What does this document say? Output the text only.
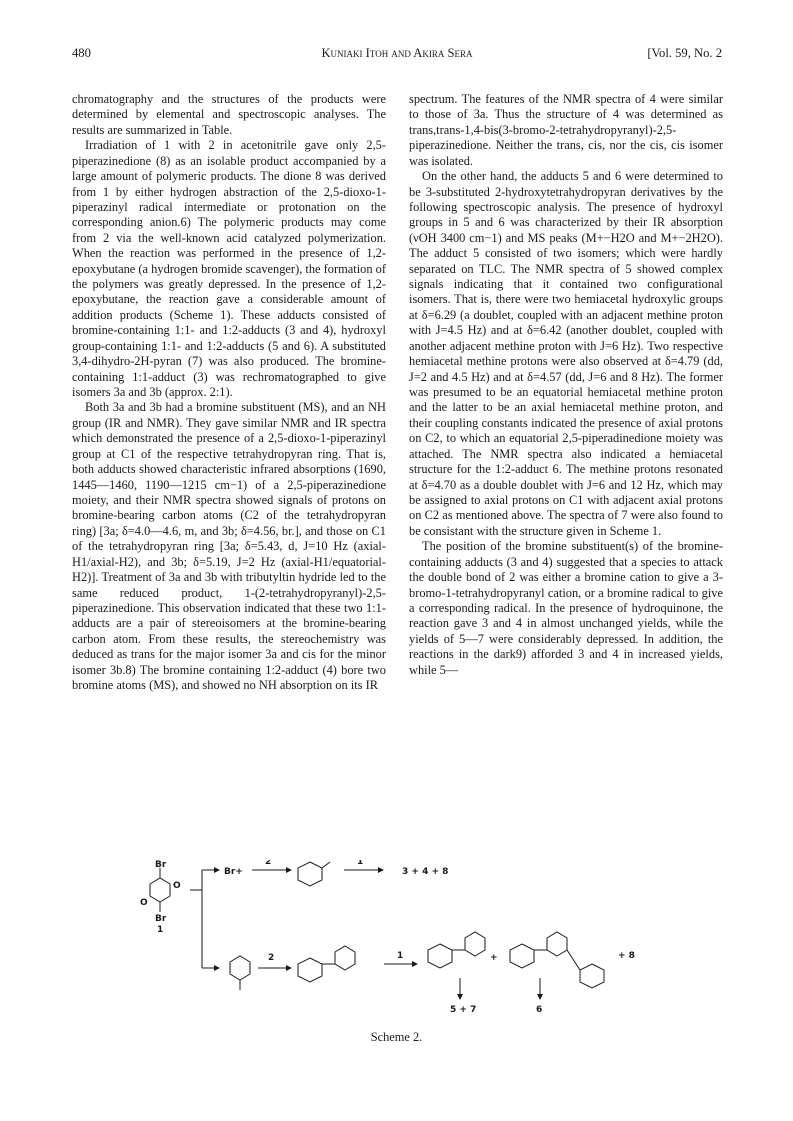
480	Kuniaki Itoh and Akira Sera	[Vol. 59, No. 2

chromatography and the structures of the products were determined by elemental and spectroscopic analyses. The results are summarized in Table.

Irradiation of 1 with 2 in acetonitrile gave only 2,5-piperazinedione (8) as an isolable product accompanied by a large amount of polymeric products. The dione 8 was derived from 1 by either hydrogen abstraction of the 2,5-dioxo-1-piperazinyl radical intermediate or protonation on the corresponding anion.6) The polymeric products may come from 2 via the well-known acid catalyzed polymerization. When the reaction was performed in the presence of 1,2-epoxybutane (a hydrogen bromide scavenger), the formation of the polymers was greatly depressed. In the presence of 1,2-epoxybutane, the reaction gave a considerable amount of addition products (Scheme 1). These adducts consisted of bromine-containing 1:1- and 1:2-adducts (3 and 4), hydroxyl group-containing 1:1- and 1:2-adducts (5 and 6). A substituted 3,4-dihydro-2H-pyran (7) was also produced. The bromine-containing 1:1-adduct (3) was rechromatographed to give isomers 3a and 3b (approx. 2:1).

Both 3a and 3b had a bromine substituent (MS), and an NH group (IR and NMR). They gave similar NMR and IR spectra which demonstrated the presence of a 2,5-dioxo-1-piperazinyl group at C1 of the respective tetrahydropyran ring. That is, both adducts showed characteristic infrared absorptions (1690, 1445—1460, 1190—1215 cm−1) of a 2,5-piperazinedione moiety, and their NMR spectra showed signals of protons on bromine-bearing carbon atoms (C2 of the tetrahydropyran ring) [3a; δ=4.0—4.6, m, and 3b; δ=4.56, br.], and those on C1 of the tetrahydropyran ring [3a; δ=5.43, d, J=10 Hz (axial-H1/axial-H2), and 3b; δ=5.19, J=2 Hz (axial-H1/equatorial-H2)]. Treatment of 3a and 3b with tributyltin hydride led to the same reduced product, 1-(2-tetrahydropyranyl)-2,5-piperazinedione. This observation indicated that these two 1:1-adducts are a pair of stereoisomers at the bromine-bearing carbon atom. From these results, the stereochemistry was deduced as trans for the major isomer 3a and cis for the minor isomer 3b.8) The bromine containing 1:2-adduct (4) bore two bromine atoms (MS), and showed no NH absorption on its IR

spectrum. The features of the NMR spectra of 4 were similar to those of 3a. Thus the structure of 4 was determined as trans,trans-1,4-bis(3-bromo-2-tetrahydropyranyl)-2,5-piperazinedione. Neither the trans, cis, nor the cis, cis isomer was isolated.

On the other hand, the adducts 5 and 6 were determined to be 3-substituted 2-hydroxytetrahydropyran derivatives by the following spectroscopic analysis. The presence of hydroxyl groups in 5 and 6 was characterized by their IR absorption (νOH 3400 cm−1) and MS peaks (M+−H2O and M+−2H2O). The adduct 5 consisted of two isomers; which were hardly separated on TLC. The NMR spectra of 5 showed complex signals indicating that it contained two configurational isomers. That is, there were two hemiacetal hydroxylic groups at δ=6.29 (a doublet, coupled with an adjacent methine proton with J=4.5 Hz) and at δ=6.42 (another doublet, coupled with another adjacent methine proton with J=6 Hz). Two respective hemiacetal methine protons were also observed at δ=4.79 (dd, J=2 and 4.5 Hz) and at δ=4.57 (dd, J=6 and 8 Hz). The former was presumed to be an equatorial hemiacetal methine proton and the latter to be an axial hemiacetal methine proton, and their coupling constants indicated the presence of axial protons on C2, to which an equatorial 2,5-piperadinedione moiety was attached. The NMR spectra also indicated a hemiacetal structure for the 1:2-adduct 6. The methine protons resonated at δ=4.70 as a double doublet with J=6 and 12 Hz, which may be assigned to axial protons on C1 with adjacent axial protons on C2 as mentioned above. The spectra of 7 were also found to be consistant with the structure given in Scheme 1.

The position of the bromine substituent(s) of the bromine-containing adducts (3 and 4) suggested that a species to attack the double bond of 2 was either a bromine cation to give a 3-bromo-1-tetrahydropyranyl cation, or a bromine radical to give a corresponding radical. In the presence of hydroquinone, the reaction gave 3 and 4 in almost unchanged yields, while the yields of 5—7 were considerably depressed. In addition, the reactions in the dark9) afforded 3 and 4 in increased yields, while 5—

Br
Br
O
O
1
Br+
2	1
3 + 4 + 8
2	1	+	+ 8
5 + 7	6
Scheme 2.
